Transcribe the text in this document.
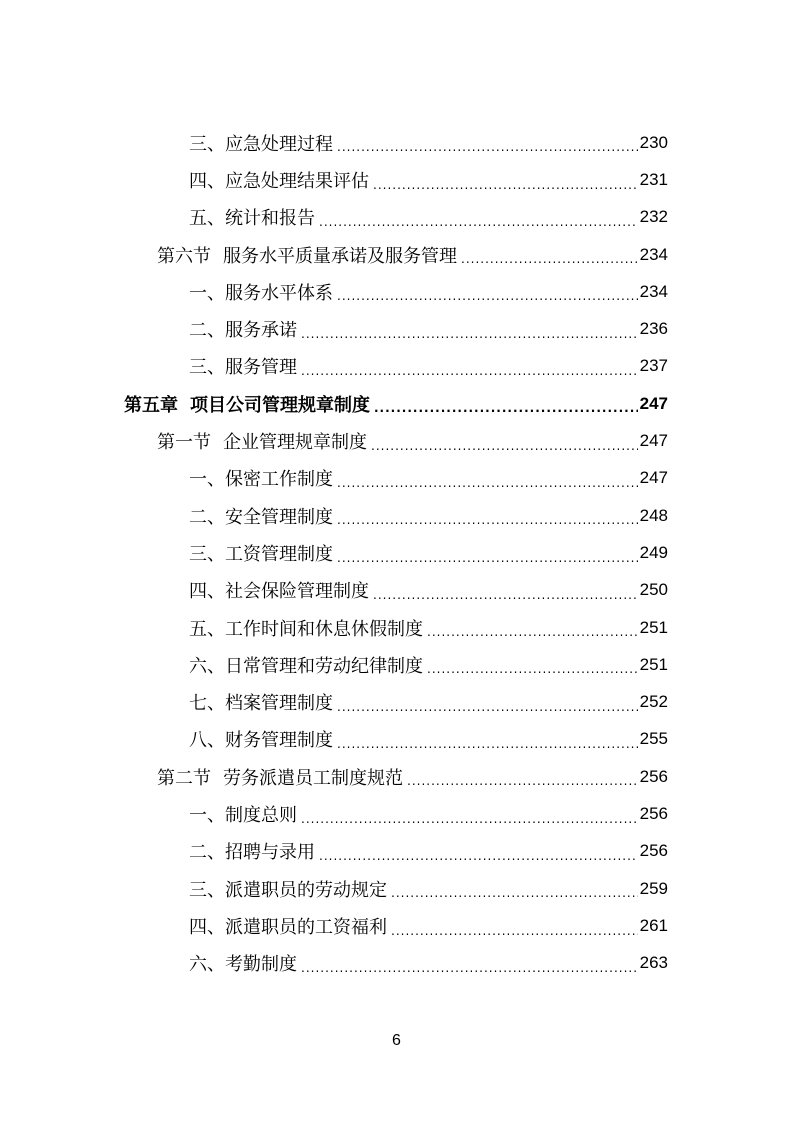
三、 应急处理过程 .....	230
四、 应急处理结果评估 .....	231
五、 统计和报告 .....	232
第六节 服务水平质量承诺及服务管理 .....	234
一、 服务水平体系 .....	234
二、 服务承诺 .....	236
三、 服务管理 .....	237
第五章 项目公司管理规章制度 .....	247
第一节 企业管理规章制度 .....	247
一、 保密工作制度 .....	247
二、 安全管理制度 .....	248
三、 工资管理制度 .....	249
四、 社会保险管理制度 .....	250
五、 工作时间和休息休假制度 .....	251
六、 日常管理和劳动纪律制度 .....	251
七、 档案管理制度 .....	252
八、 财务管理制度 .....	255
第二节 劳务派遣员工制度规范 .....	256
一、 制度总则 .....	256
二、 招聘与录用 .....	256
三、 派遣职员的劳动规定 .....	259
四、 派遣职员的工资福利 .....	261
六、 考勤制度 .....	263
6
